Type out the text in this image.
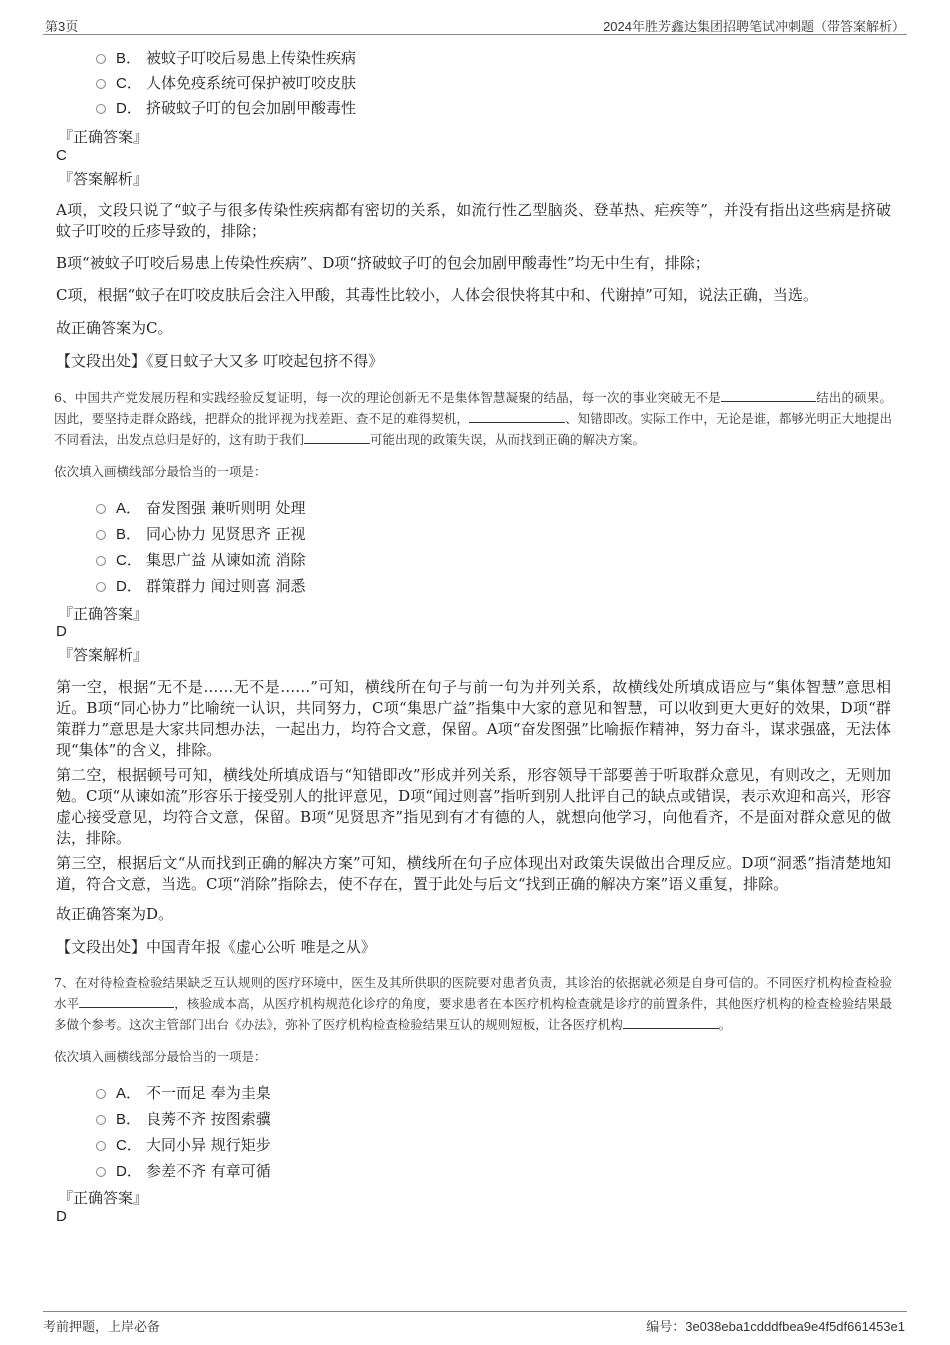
第3页	2024年胜芳鑫达集团招聘笔试冲刺题（带答案解析）
B． 被蚊子叮咬后易患上传染性疾病
C． 人体免疫系统可保护被叮咬皮肤
D． 挤破蚊子叮的包会加剧甲酸毒性
『正确答案』
C
『答案解析』
A项，文段只说了“蚊子与很多传染性疾病都有密切的关系，如流行性乙型脑炎、登革热、疟疾等”，并没有指出这些病是挤破蚊子叮咬的丘疹导致的，排除；
B项“被蚊子叮咬后易患上传染性疾病”、D项“挤破蚊子叮的包会加剧甲酸毒性”均无中生有，排除；
C项，根据“蚊子在叮咬皮肤后会注入甲酸，其毒性比较小，人体会很快将其中和、代谢掉”可知，说法正确，当选。
故正确答案为C。
【文段出处】《夏日蚊子大又多 叮咬起包挤不得》
6、中国共产党发展历程和实践经验反复证明，每一次的理论创新无不是集体智慧凝聚的结晶，每一次的事业突破无不是	结出的硕果。因此，要坚持走群众路线，把群众的批评视为找差距、查不足的难得契机，	、知错即改。实际工作中，无论是谁，都够光明正大地提出不同看法，出发点总归是好的，这有助于我们	可能出现的政策失误，从而找到正确的解决方案。
依次填入画横线部分最恰当的一项是：
A． 奋发图强 兼听则明 处理
B． 同心协力 见贤思齐 正视
C． 集思广益 从谏如流 消除
D． 群策群力 闻过则喜 洞悉
『正确答案』
D
『答案解析』
第一空，根据“无不是……无不是……”可知，横线所在句子与前一句为并列关系，故横线处所填成语应与“集体智慧”意思相近。B项“同心协力”比喻统一认识，共同努力，C项“集思广益”指集中大家的意见和智慧，可以收到更大更好的效果，D项“群策群力”意思是大家共同想办法，一起出力，均符合文意，保留。A项“奋发图强”比喻振作精神，努力奋斗，谋求强盛，无法体现“集体”的含义，排除。
第二空，根据顿号可知，横线处所填成语与“知错即改”形成并列关系，形容领导干部要善于听取群众意见，有则改之，无则加勉。C项“从谏如流”形容乐于接受别人的批评意见，D项“闻过则喜”指听到别人批评自己的缺点或错误，表示欢迎和高兴，形容虚心接受意见，均符合文意，保留。B项“见贤思齐”指见到有才有德的人，就想向他学习，向他看齐，不是面对群众意见的做法，排除。
第三空，根据后文“从而找到正确的解决方案”可知，横线所在句子应体现出对政策失误做出合理反应。D项“洞悉”指清楚地知道，符合文意，当选。C项“消除”指除去，使不存在，置于此处与后文“找到正确的解决方案”语义重复，排除。
故正确答案为D。
【文段出处】中国青年报《虚心公听 唯是之从》
7、在对待检查检验结果缺乏互认规则的医疗环境中，医生及其所供职的医院要对患者负责，其诊治的依据就必须是自身可信的。不同医疗机构检查检验水平	，核验成本高，从医疗机构规范化诊疗的角度，要求患者在本医疗机构检查就是诊疗的前置条件，其他医疗机构的检查检验结果最多做个参考。这次主管部门出台《办法》，弥补了医疗机构检查检验结果互认的规则短板，让各医疗机构	。
依次填入画横线部分最恰当的一项是：
A． 不一而足 奉为圭臬
B． 良莠不齐 按图索骥
C． 大同小异 规行矩步
D． 参差不齐 有章可循
『正确答案』
D
考前押题，上岸必备	编号：3e038eba1cdddfbea9e4f5df661453e1
